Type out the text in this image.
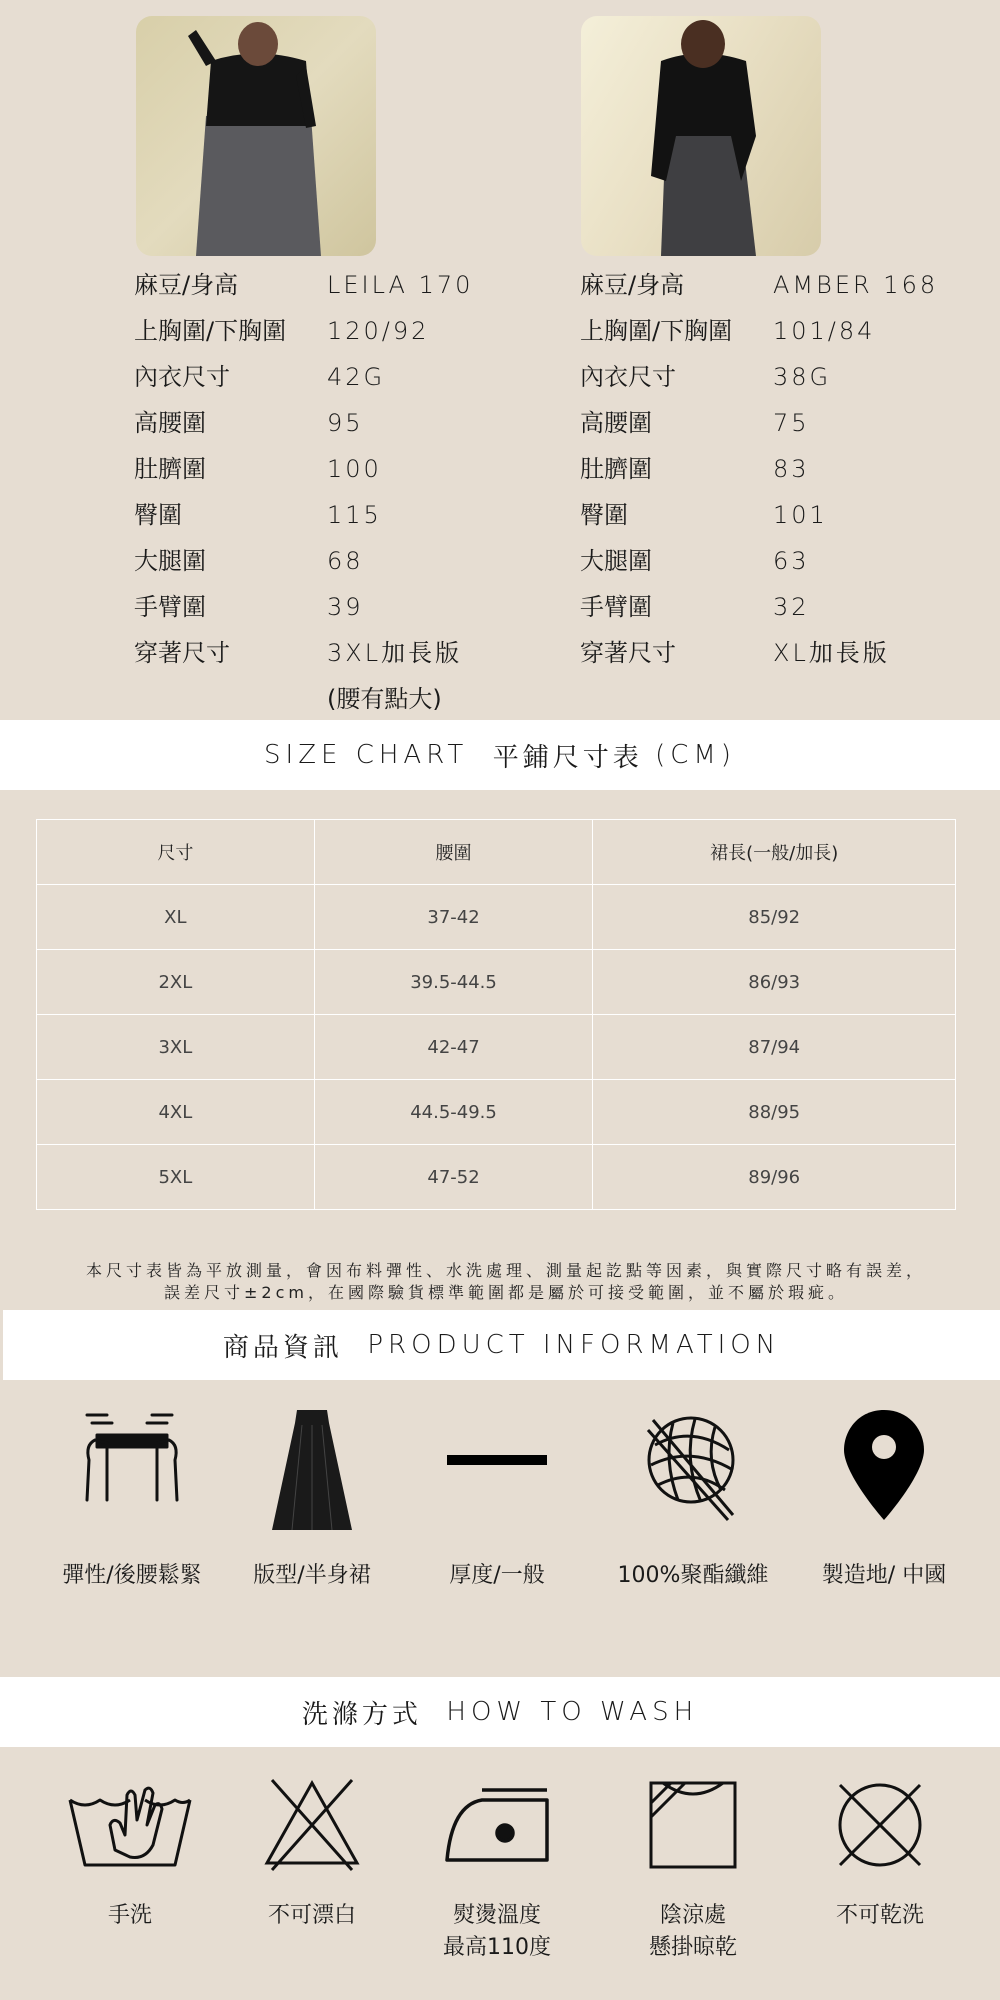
麻豆/身高	LEILA 170
上胸圍/下胸圍 120/92
內衣尺寸	42G
高腰圍	95
肚臍圍	100
臀圍	115
大腿圍	68
手臂圍	39
穿著尺寸	3XL加長版
(腰有點大)
麻豆/身高	AMBER 168
上胸圍/下胸圍 101/84
內衣尺寸	38G
高腰圍	75
肚臍圍	83
臀圍	101
大腿圍	63
手臂圍	32
穿著尺寸	XL加長版
SIZE CHART
平鋪尺寸表
(CM)
尺寸	腰圍	裙長(一般/加長)
XL	37-42	85/92
2XL	39.5-44.5	86/93
3XL	42-47	87/94
4XL	44.5-49.5	88/95
5XL	47-52	89/96
本尺寸表皆為平放測量，會因布料彈性、水洗處理、測量起訖點等因素，與實際尺寸略有誤差，
誤差尺寸±2cm，在國際驗貨標準範圍都是屬於可接受範圍，並不屬於瑕疵。
商品資訊
PRODUCT INFORMATION
彈性/後腰鬆緊	版型/半身裙	厚度/一般	100%聚酯纖維	製造地/ 中國
洗滌方式
HOW TO WASH
手洗	不可漂白	熨燙溫度
最高110度
陰涼處
懸掛晾乾
不可乾洗
